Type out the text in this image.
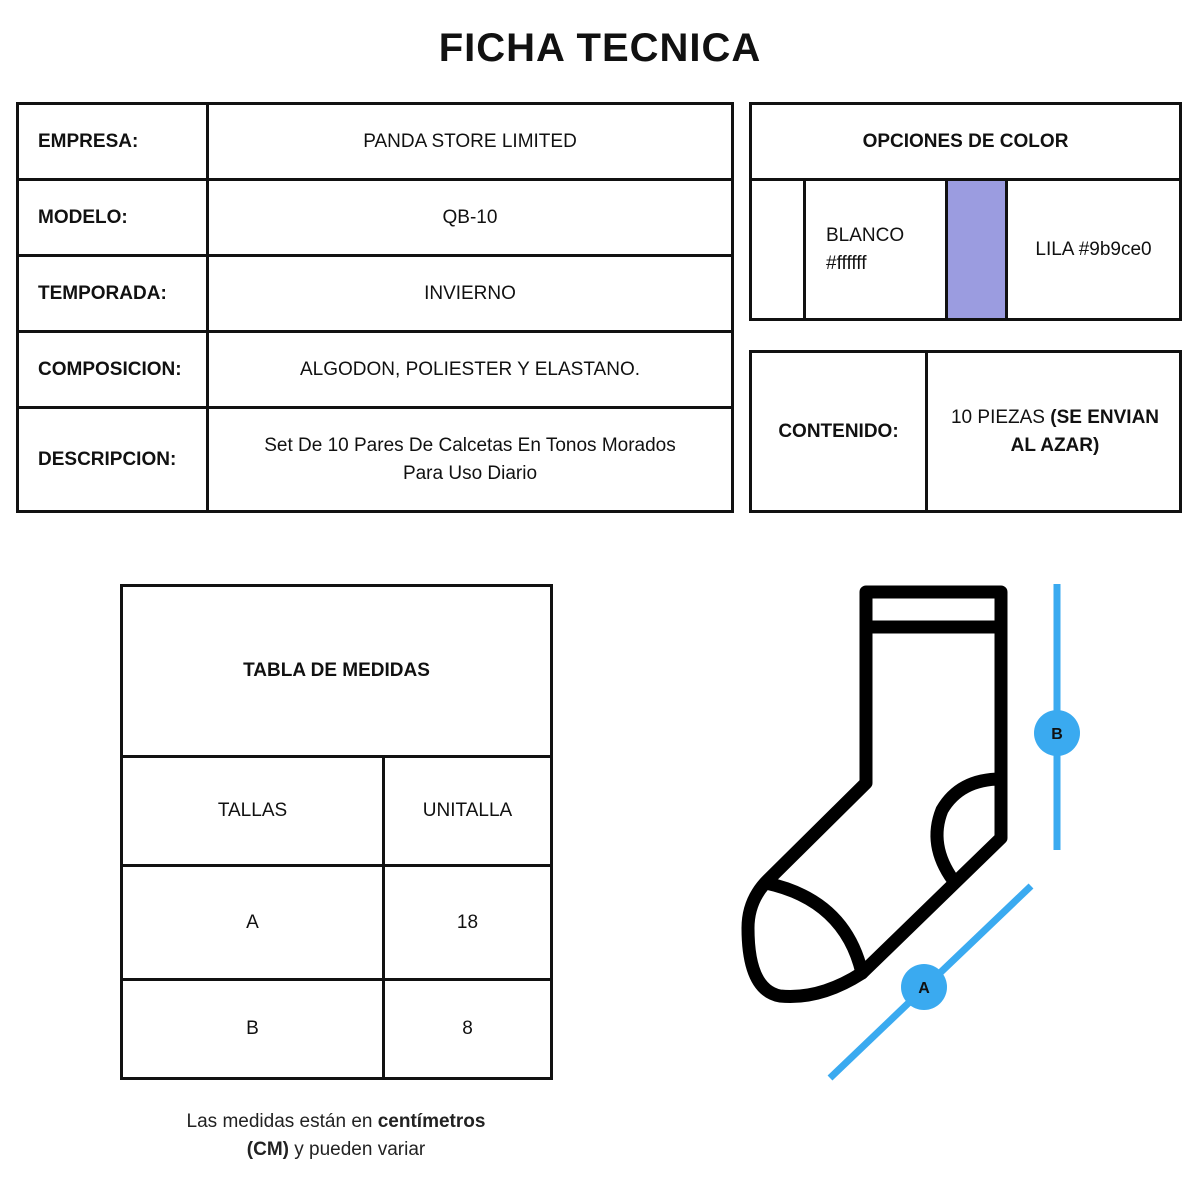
FICHA TECNICA
EMPRESA:	PANDA STORE LIMITED
MODELO:	QB-10
TEMPORADA:	INVIERNO
COMPOSICION:	ALGODON, POLIESTER Y ELASTANO.
DESCRIPCION:
Set De 10 Pares De Calcetas En Tonos Morados
Para Uso Diario
OPCIONES DE COLOR
BLANCO
#ffffff
LILA #9b9ce0
CONTENIDO:
10 PIEZAS (SE ENVIAN
AL AZAR)
TABLA DE MEDIDAS
TALLAS	UNITALLA
A	18
B	8
Las medidas están en centímetros
(CM) y pueden variar
B
A
